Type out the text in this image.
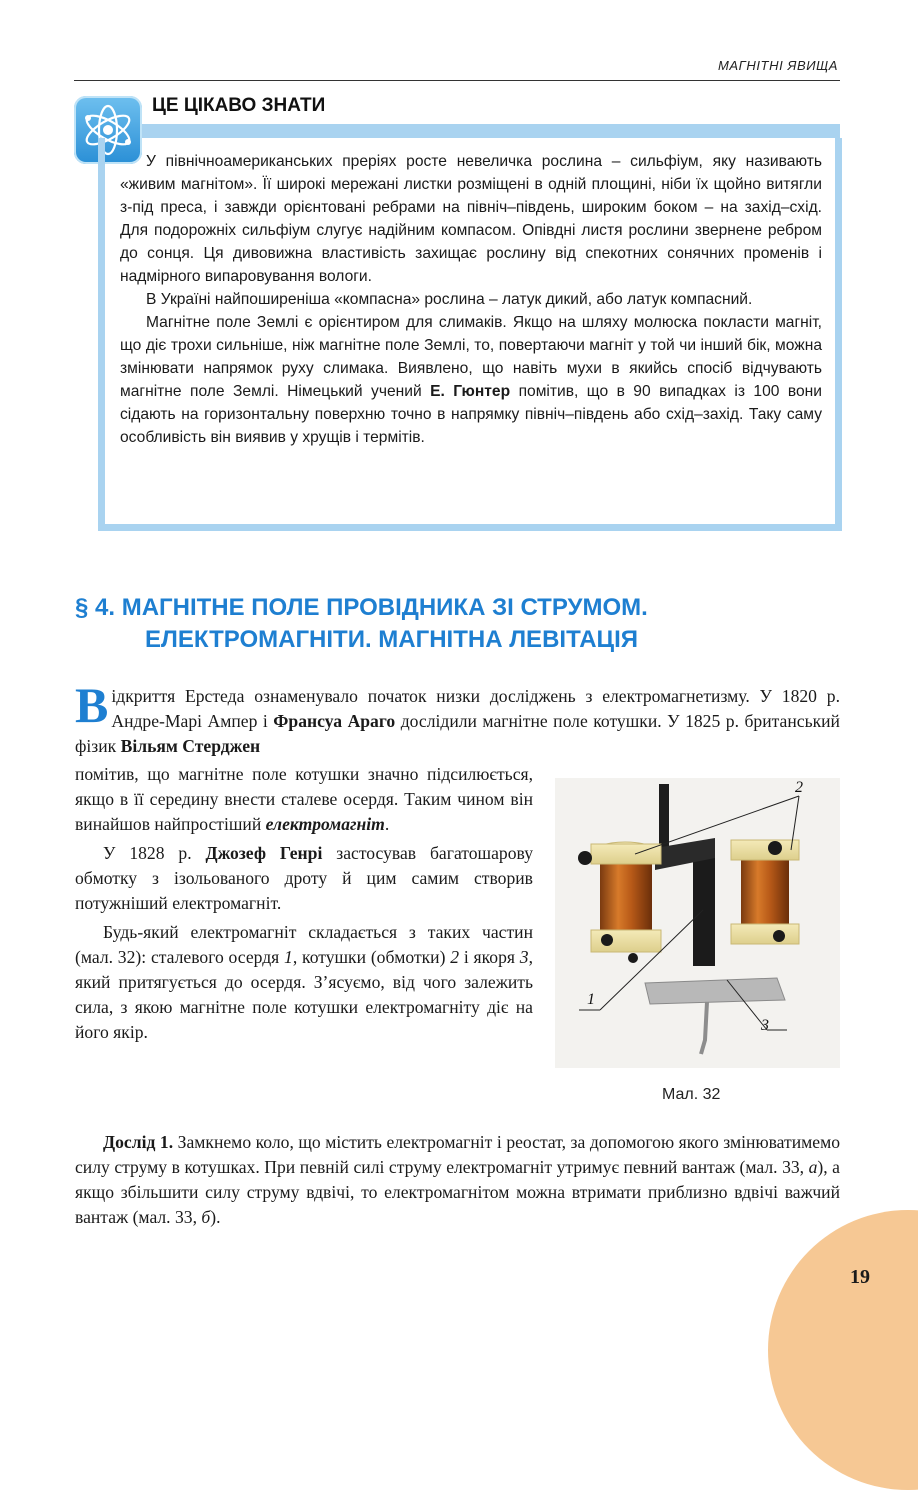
МАГНІТНІ ЯВИЩА
ЦЕ ЦІКАВО ЗНАТИ

У північноамериканських преріях росте невеличка рослина – сильфіум, яку називають «живим магнітом». Її широкі мережані листки розміщені в одній площині, ніби їх щойно витягли з-під преса, і завжди орієнтовані ребрами на північ–південь, широким боком – на захід–схід. Для подорожніх сильфіум слугує надійним компасом. Опівдні листя рослини звернене ребром до сонця. Ця дивовижна властивість захищає рослину від спекотних сонячних променів і надмірного випаровування вологи.

В Україні найпоширеніша «компасна» рослина – латук дикий, або латук компасний.

Магнітне поле Землі є орієнтиром для слимаків. Якщо на шляху молюска покласти магніт, що діє трохи сильніше, ніж магнітне поле Землі, то, повертаючи магніт у той чи інший бік, можна змінювати напрямок руху слимака. Виявлено, що навіть мухи в якийсь спосіб відчувають магнітне поле Землі. Німецький учений Е. Гюнтер помітив, що в 90 випадках із 100 вони сідають на горизонтальну поверхню точно в напрямку північ–південь або схід–захід. Таку саму особливість він виявив у хрущів і термітів.

§ 4. МАГНІТНЕ ПОЛЕ ПРОВІДНИКА ЗІ СТРУМОМ.
ЕЛЕКТРОМАГНІТИ. МАГНІТНА ЛЕВІТАЦІЯ

Відкриття Ерстеда ознаменувало початок низки досліджень з електромагнетизму. У 1820 р. Андре-Марі Ампер і Франсуа Араго дослідили магнітне поле котушки. У 1825 р. британський фізик Вільям Стерджен

помітив, що магнітне поле котушки значно підсилюється, якщо в її середину внести сталеве осердя. Таким чином він винайшов найпростіший електромагніт.

У 1828 р. Джозеф Генрі застосував багатошарову обмотку з ізольованого дроту й цим самим створив потужніший електромагніт.

Будь-який електромагніт складається з таких частин (мал. 32): сталевого осердя 1, котушки (обмотки) 2 і якоря 3, який притягується до осердя. З’ясуємо, від чого залежить сила, з якою магнітне поле котушки електромагніту діє на його якір.

2
1
3
Мал. 32

Дослід 1. Замкнемо коло, що містить електромагніт і реостат, за допомогою якого змінюватимемо силу струму в котушках. При певній силі струму електромагніт утримує певний вантаж (мал. 33, а), а якщо збільшити силу струму вдвічі, то електромагнітом можна втримати приблизно вдвічі важчий вантаж (мал. 33, б).

19
